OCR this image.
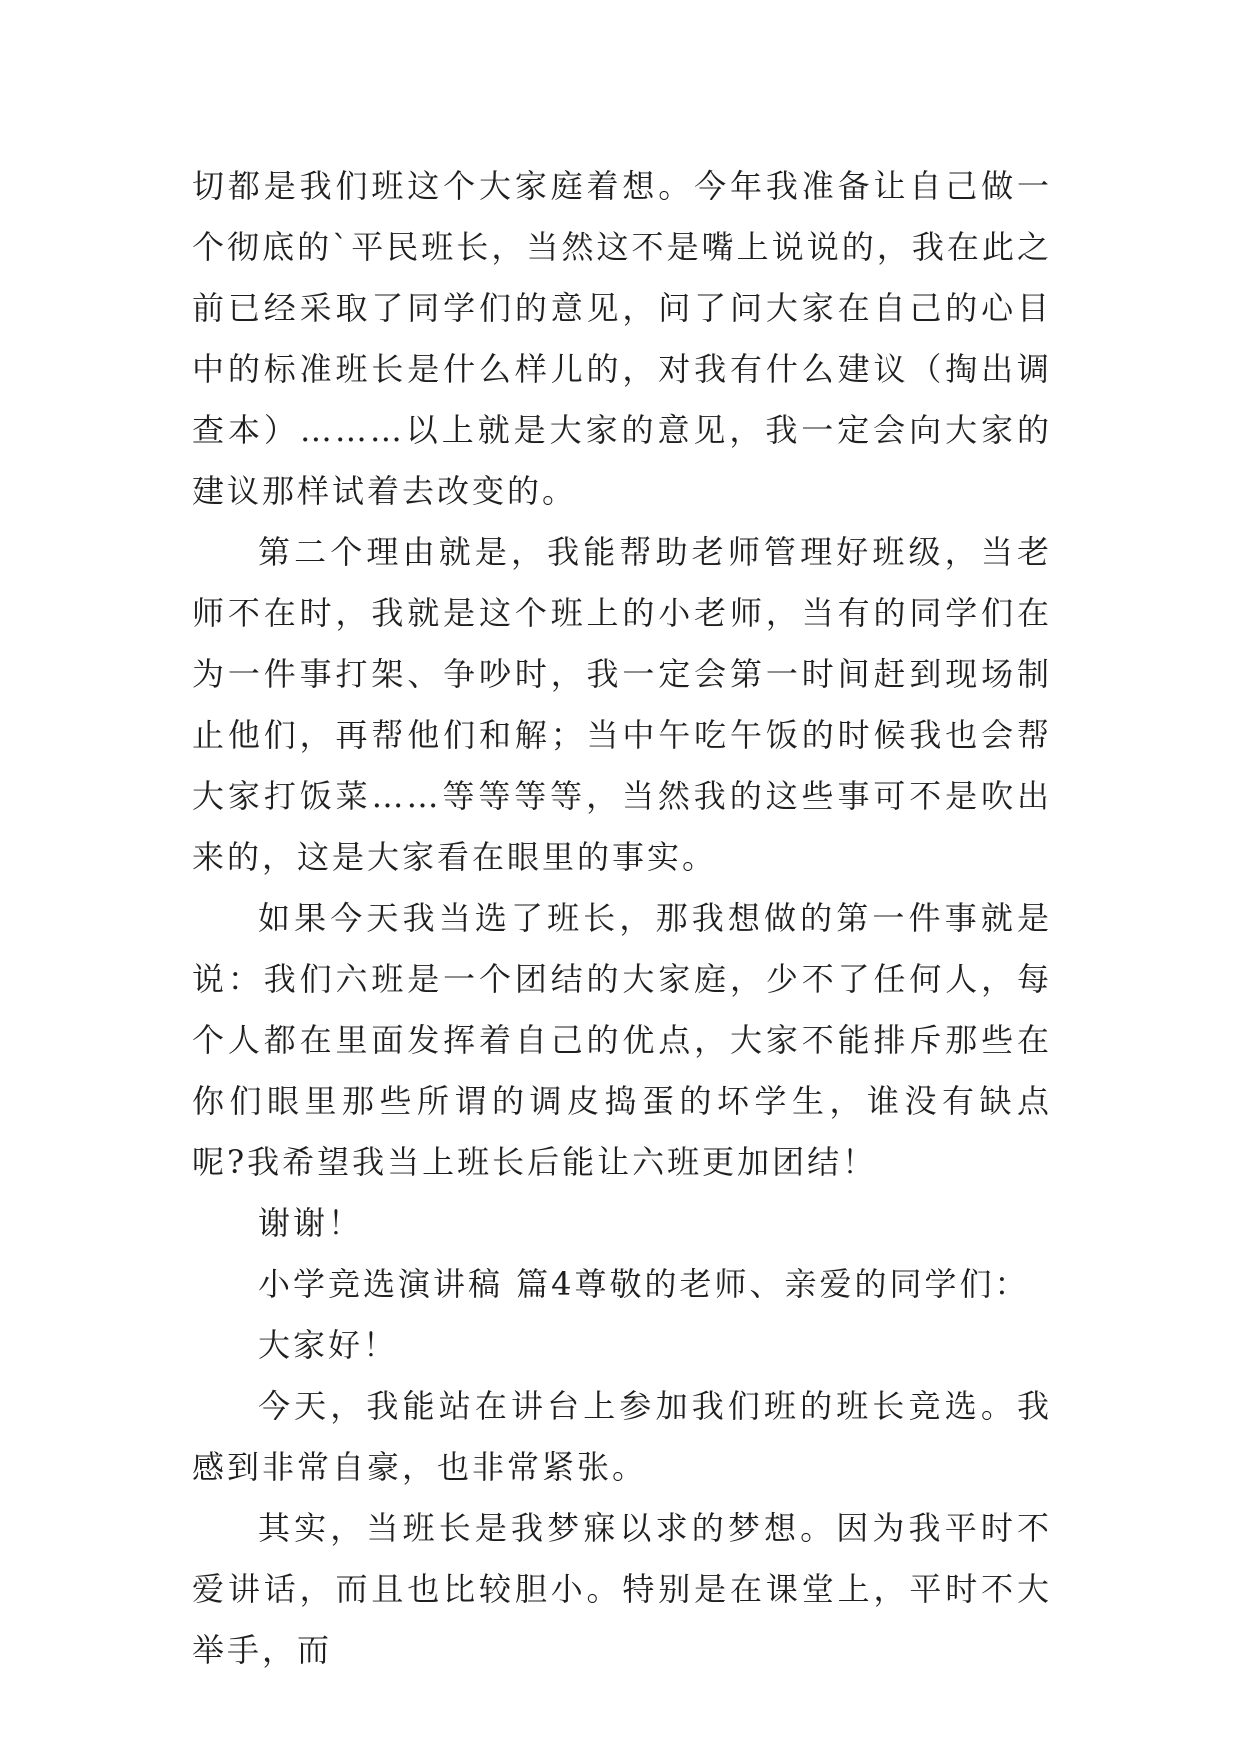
切都是我们班这个大家庭着想。今年我准备让自己做一个彻底的`平民班长，当然这不是嘴上说说的，我在此之前已经采取了同学们的意见，问了问大家在自己的心目中的标准班长是什么样儿的，对我有什么建议（掏出调查本）………以上就是大家的意见，我一定会向大家的建议那样试着去改变的。

第二个理由就是，我能帮助老师管理好班级，当老师不在时，我就是这个班上的小老师，当有的同学们在为一件事打架、争吵时，我一定会第一时间赶到现场制止他们，再帮他们和解；当中午吃午饭的时候我也会帮大家打饭菜……等等等等，当然我的这些事可不是吹出来的，这是大家看在眼里的事实。

如果今天我当选了班长，那我想做的第一件事就是说：我们六班是一个团结的大家庭，少不了任何人，每个人都在里面发挥着自己的优点，大家不能排斥那些在你们眼里那些所谓的调皮捣蛋的坏学生，谁没有缺点呢?我希望我当上班长后能让六班更加团结！

谢谢！

小学竞选演讲稿 篇4尊敬的老师、亲爱的同学们：

大家好！

今天，我能站在讲台上参加我们班的班长竞选。我感到非常自豪，也非常紧张。

其实，当班长是我梦寐以求的梦想。因为我平时不爱讲话，而且也比较胆小。特别是在课堂上，平时不大举手，而
